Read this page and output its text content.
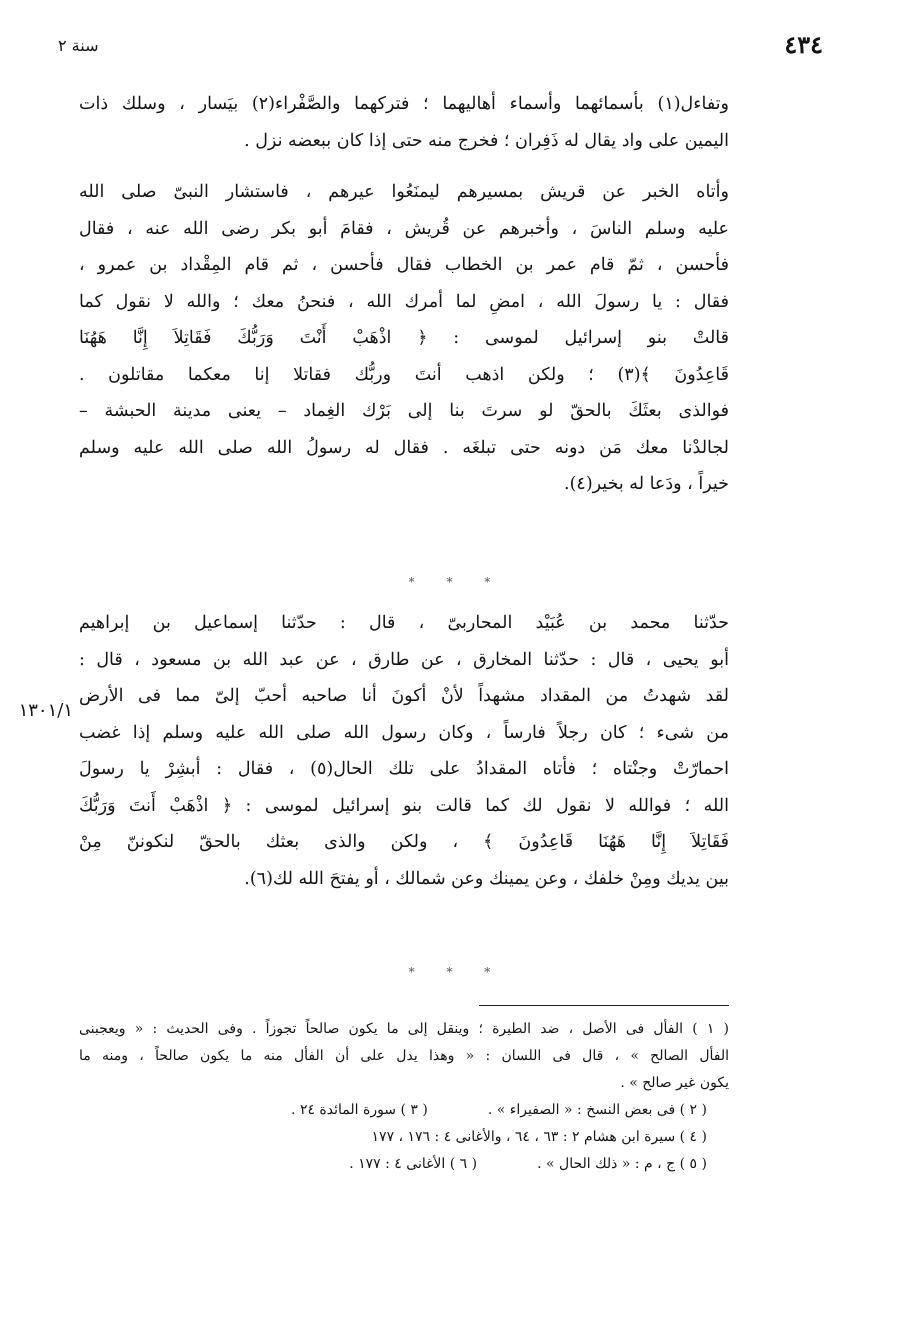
٤٣٤
سنة ٢
١٣٠١/١
وتفاءل(١) بأسمائهما وأسماء أهاليهما ؛ فتركهما والصَّفْراء(٢) بيَسار ، وسلك ذات
اليمين على واد يقال له ذَفِران ؛ فخرج منه حتى إذا كان ببعضه نزل .
وأتاه الخبر عن قريش بمسيرهم ليمنَعُوا عيرهم ، فاستشار النبىّ صلى الله
عليه وسلم الناسَ ، وأخبرهم عن قُريش ، فقامَ أبو بكر رضى الله عنه ، فقال
فأحسن ، ثمّ قام عمر بن الخطاب فقال فأحسن ، ثم قام المِقْداد بن عمرو ،
فقال : يا رسولَ الله ، امضِ لما أمرك الله ، فنحنُ معك ؛ والله لا نقول كما
قالتْ بنو إسرائيل لموسى : ﴿ اذْهَبْ أَنْتَ وَرَبُّكَ فَقَاتِلاَ إِنَّا هَهُنَا
قَاعِدُونَ ﴾(٣) ؛ ولكن اذهب أنتَ وربُّك فقاتلا إنا معكما مقاتلون .
فوالذى بعثَكَ بالحقّ لو سرتَ بنا إلى بَرْك الغِماد – يعنى مدينة الحبشة –
لجالدْنا معك مَن دونه حتى تبلغَه . فقال له رسولُ الله صلى الله عليه وسلم
خيراً ، ودَعا له بخير(٤).
* * *
حدّثنا محمد بن عُبَيْد المحاربىّ ، قال : حدّثنا إسماعيل بن إبراهيم
أبو يحيى ، قال : حدّثنا المخارق ، عن طارق ، عن عبد الله بن مسعود ، قال :
لقد شهدتُ من المقداد مشهداً لأنْ أكونَ أنا صاحبه أحبّ إلىّ مما فى الأرض
من شىء ؛ كان رجلاً فارساً ، وكان رسول الله صلى الله عليه وسلم إذا غضب
احمارّتْ وجنْتاه ؛ فأتاه المقدادُ على تلك الحال(٥) ، فقال : أبشِرْ يا رسولَ
الله ؛ فوالله لا نقول لك كما قالت بنو إسرائيل لموسى : ﴿ اذْهَبْ أَنتَ وَرَبُّكَ
فَقَاتِلاَ إِنَّا هَهُنَا قَاعِدُونَ ﴾ ، ولكن والذى بعثك بالحقّ لنكوننّ مِنْ
بين يديك ومِنْ خلفك ، وعن يمينك وعن شمالك ، أو يفتحَ الله لك(٦).
* * *
( ١ ) الفأل فى الأصل ، ضد الطيرة ؛ وينقل إلى ما يكون صالحاً تجوزاً . وفى الحديث : « ويعجبنى
الفأل الصالح » ، قال فى اللسان : « وهذا يدل على أن الفأل منه ما يكون صالحاً ، ومنه ما
يكون غير صالح » .
( ٢ ) فى بعض النسخ : « الصفيراء » .
( ٣ ) سورة المائدة ٢٤ .
( ٤ ) سيرة ابن هشام ٢ : ٦٣ ، ٦٤ ، والأغانى ٤ : ١٧٦ ، ١٧٧
( ٥ ) ج ، م : « ذلك الحال » .
( ٦ ) الأغانى ٤ : ١٧٧ .
